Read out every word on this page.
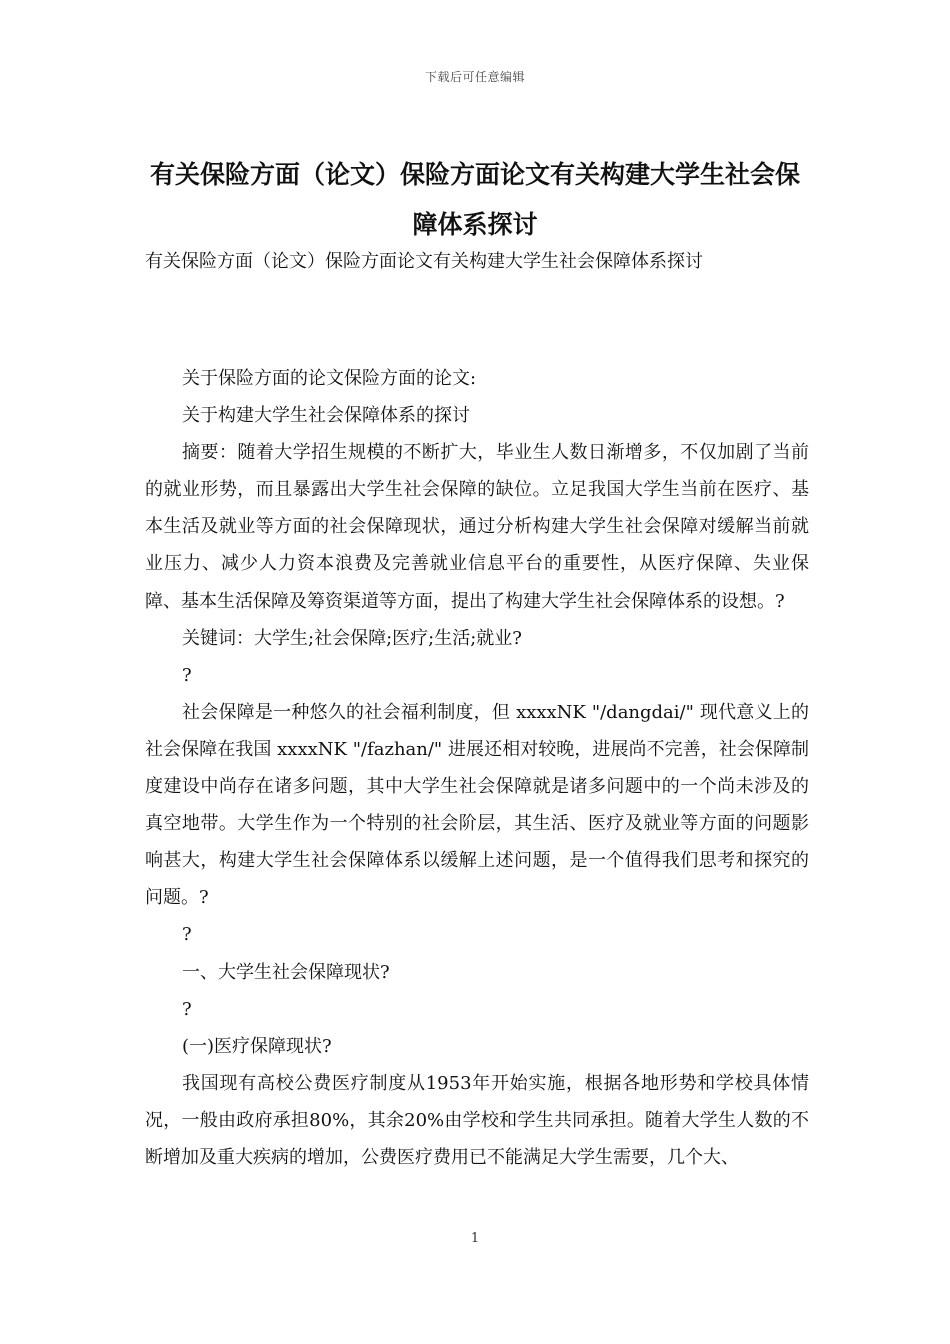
下载后可任意编辑
有关保险方面（论文）保险方面论文有关构建大学生社会保障体系探讨
有关保险方面（论文）保险方面论文有关构建大学生社会保障体系探讨

关于保险方面的论文保险方面的论文:

关于构建大学生社会保障体系的探讨

摘要：随着大学招生规模的不断扩大，毕业生人数日渐增多，不仅加剧了当前的就业形势，而且暴露出大学生社会保障的缺位。立足我国大学生当前在医疗、基本生活及就业等方面的社会保障现状，通过分析构建大学生社会保障对缓解当前就业压力、减少人力资本浪费及完善就业信息平台的重要性，从医疗保障、失业保障、基本生活保障及筹资渠道等方面，提出了构建大学生社会保障体系的设想。?

关键词：大学生;社会保障;医疗;生活;就业?

?

社会保障是一种悠久的社会福利制度，但 xxxxNK "/dangdai/" 现代意义上的社会保障在我国 xxxxNK "/fazhan/" 进展还相对较晚，进展尚不完善，社会保障制度建设中尚存在诸多问题，其中大学生社会保障就是诸多问题中的一个尚未涉及的真空地带。大学生作为一个特别的社会阶层，其生活、医疗及就业等方面的问题影响甚大，构建大学生社会保障体系以缓解上述问题，是一个值得我们思考和探究的问题。?

?

一、大学生社会保障现状?

?

(一)医疗保障现状?

我国现有高校公费医疗制度从1953年开始实施，根据各地形势和学校具体情况，一般由政府承担80%，其余20%由学校和学生共同承担。随着大学生人数的不断增加及重大疾病的增加，公费医疗费用已不能满足大学生需要，几个大、

1
